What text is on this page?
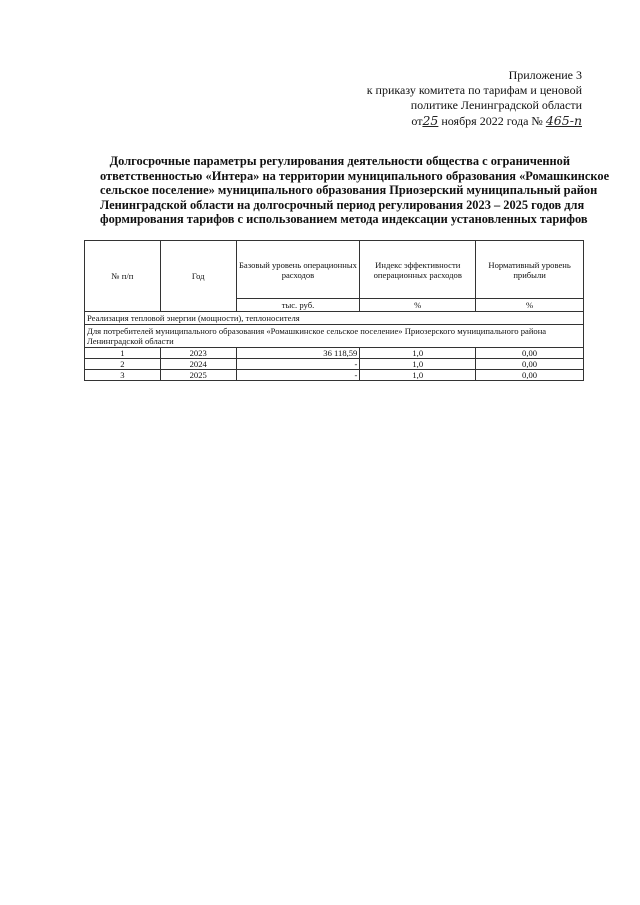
Приложение 3
к приказу комитета по тарифам и ценовой
политике Ленинградской области
от25 ноября 2022 года № 465-п
Долгосрочные параметры регулирования деятельности общества с ограниченной
ответственностью «Интера» на территории муниципального образования «Ромашкинское
сельское поселение» муниципального образования Приозерский муниципальный район
Ленинградской области на долгосрочный период регулирования 2023 – 2025 годов для
формирования тарифов с использованием метода индексации установленных тарифов
№ п/п	Год	Базовый уровень операционных расходов	Индекс эффективности операционных расходов	Нормативный уровень прибыли
		тыс. руб.	%	%
Реализация тепловой энергии (мощности), теплоносителя				
Для потребителей муниципального образования «Ромашкинское сельское поселение» Приозерского муниципального района Ленинградской области				
1	2023	36 118,59	1,0	0,00
2	2024	-	1,0	0,00
3	2025	-	1,0	0,00
